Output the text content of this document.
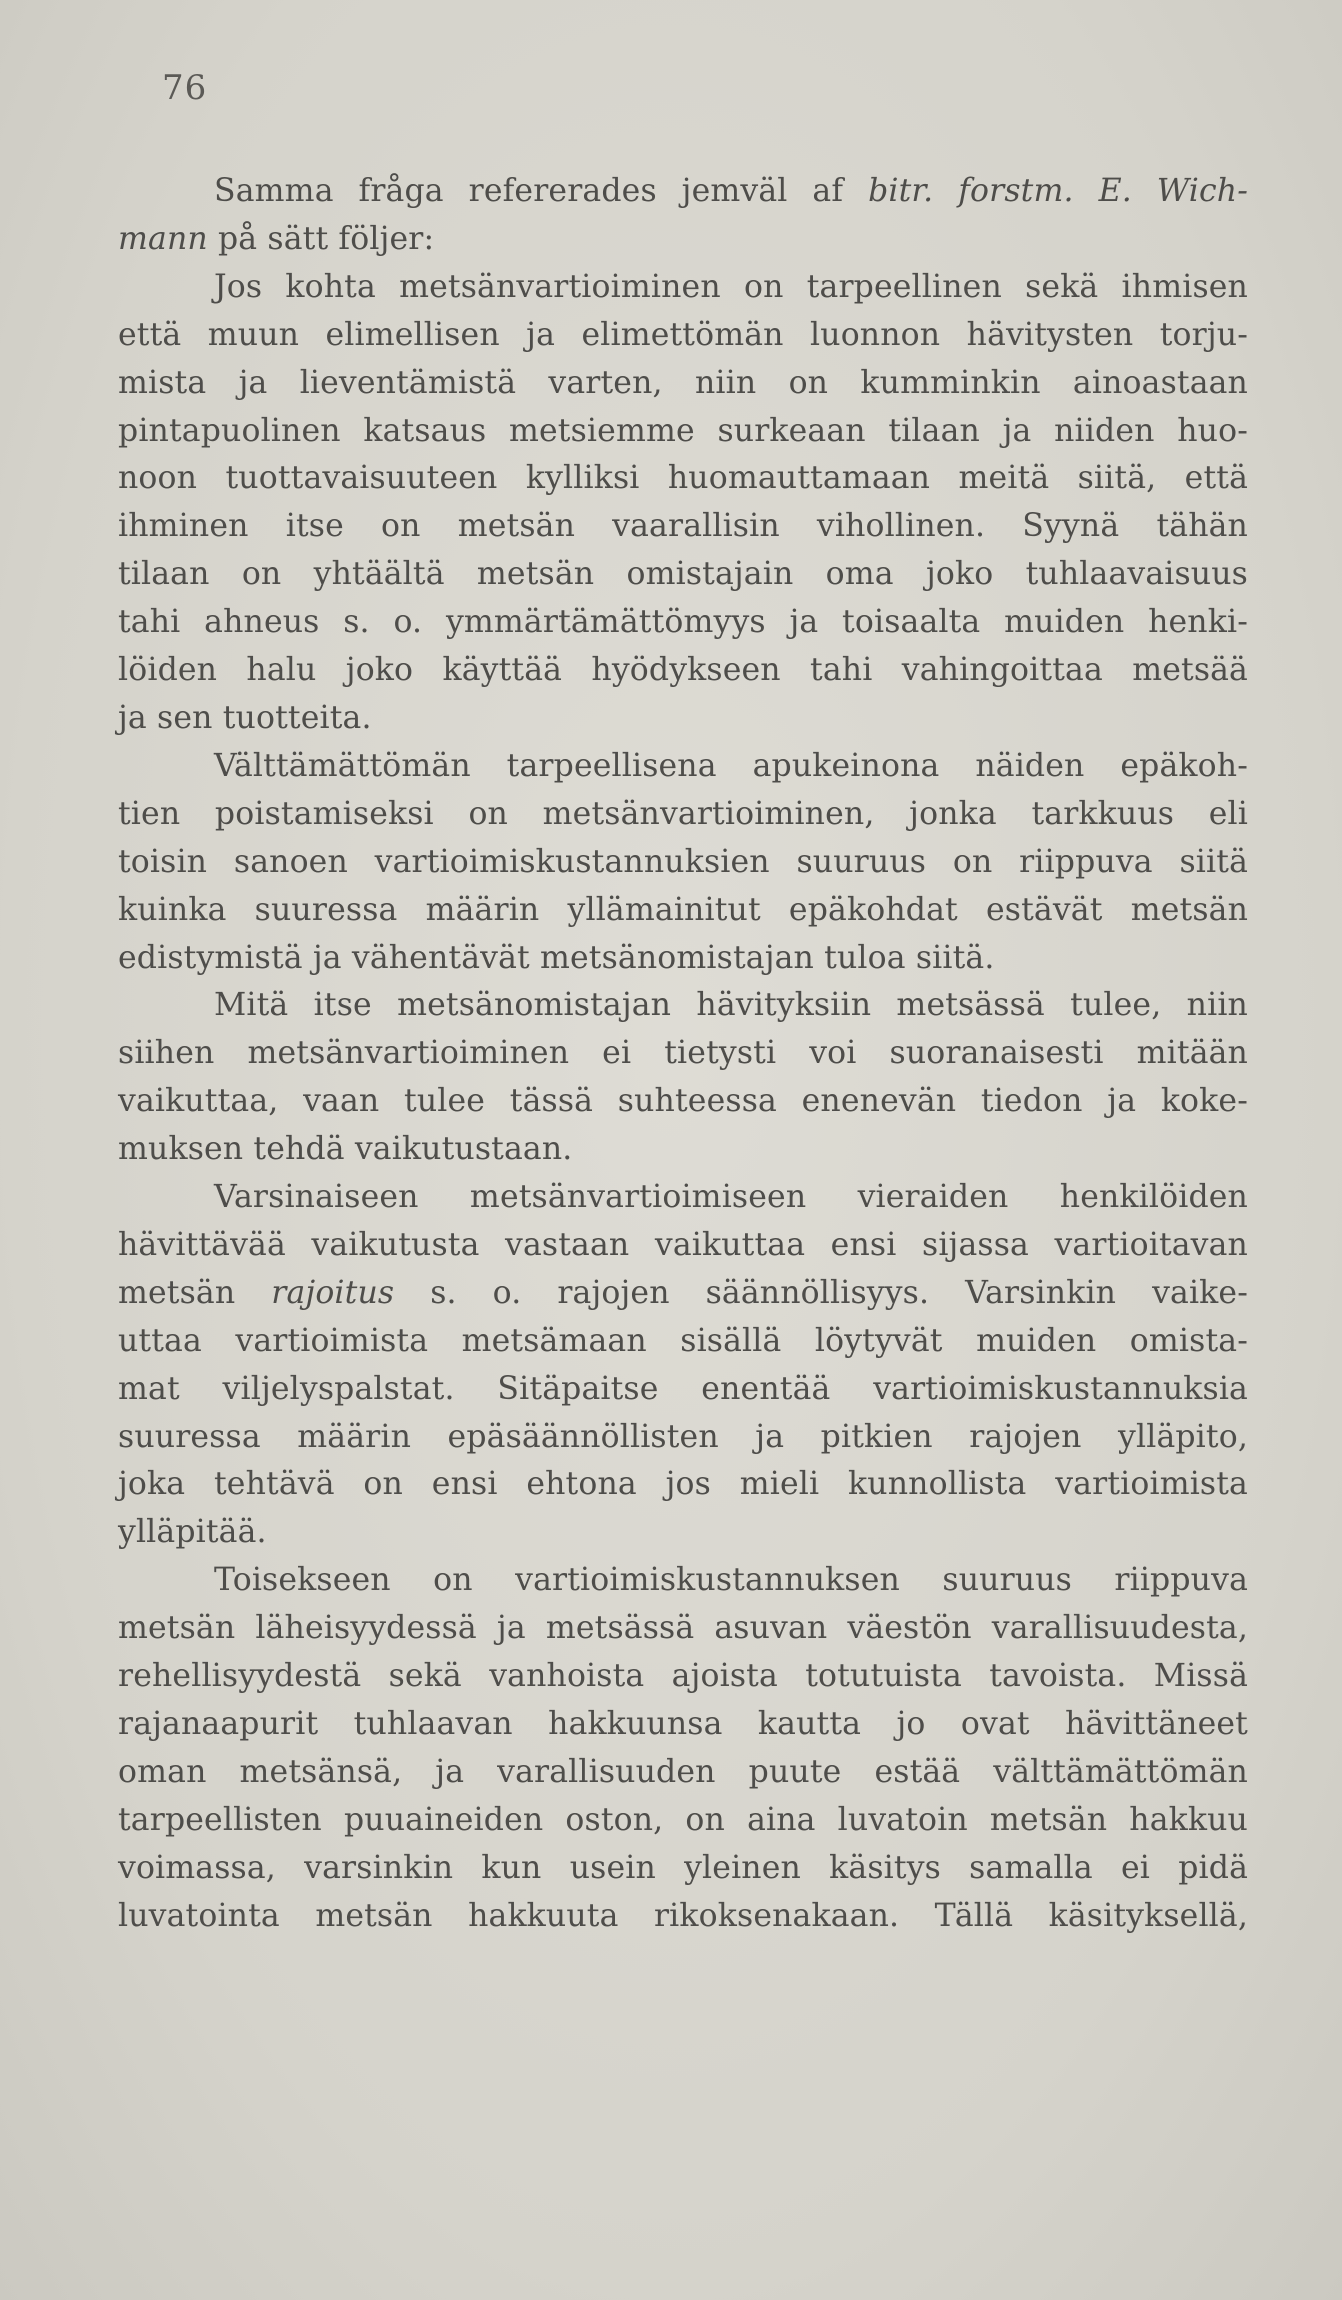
76
Samma fråga refererades jemväl af bitr. forstm. E. Wich-
mann på sätt följer:
Jos kohta metsänvartioiminen on tarpeellinen sekä ihmisen
että muun elimellisen ja elimettömän luonnon hävitysten torju-
mista ja lieventämistä varten, niin on kumminkin ainoastaan
pintapuolinen katsaus metsiemme surkeaan tilaan ja niiden huo-
noon tuottavaisuuteen kylliksi huomauttamaan meitä siitä, että
ihminen itse on metsän vaarallisin vihollinen. Syynä tähän
tilaan on yhtäältä metsän omistajain oma joko tuhlaavaisuus
tahi ahneus s. o. ymmärtämättömyys ja toisaalta muiden henki-
löiden halu joko käyttää hyödykseen tahi vahingoittaa metsää
ja sen tuotteita.
Välttämättömän tarpeellisena apukeinona näiden epäkoh-
tien poistamiseksi on metsänvartioiminen, jonka tarkkuus eli
toisin sanoen vartioimiskustannuksien suuruus on riippuva siitä
kuinka suuressa määrin yllämainitut epäkohdat estävät metsän
edistymistä ja vähentävät metsänomistajan tuloa siitä.
Mitä itse metsänomistajan hävityksiin metsässä tulee, niin
siihen metsänvartioiminen ei tietysti voi suoranaisesti mitään
vaikuttaa, vaan tulee tässä suhteessa enenevän tiedon ja koke-
muksen tehdä vaikutustaan.
Varsinaiseen metsänvartioimiseen vieraiden henkilöiden
hävittävää vaikutusta vastaan vaikuttaa ensi sijassa vartioitavan
metsän rajoitus s. o. rajojen säännöllisyys. Varsinkin vaike-
uttaa vartioimista metsämaan sisällä löytyvät muiden omista-
mat viljelyspalstat. Sitäpaitse enentää vartioimiskustannuksia
suuressa määrin epäsäännöllisten ja pitkien rajojen ylläpito,
joka tehtävä on ensi ehtona jos mieli kunnollista vartioimista
ylläpitää.
Toisekseen on vartioimiskustannuksen suuruus riippuva
metsän läheisyydessä ja metsässä asuvan väestön varallisuudesta,
rehellisyydestä sekä vanhoista ajoista totutuista tavoista. Missä
rajanaapurit tuhlaavan hakkuunsa kautta jo ovat hävittäneet
oman metsänsä, ja varallisuuden puute estää välttämättömän
tarpeellisten puuaineiden oston, on aina luvatoin metsän hakkuu
voimassa, varsinkin kun usein yleinen käsitys samalla ei pidä
luvatointa metsän hakkuuta rikoksenakaan. Tällä käsityksellä,
